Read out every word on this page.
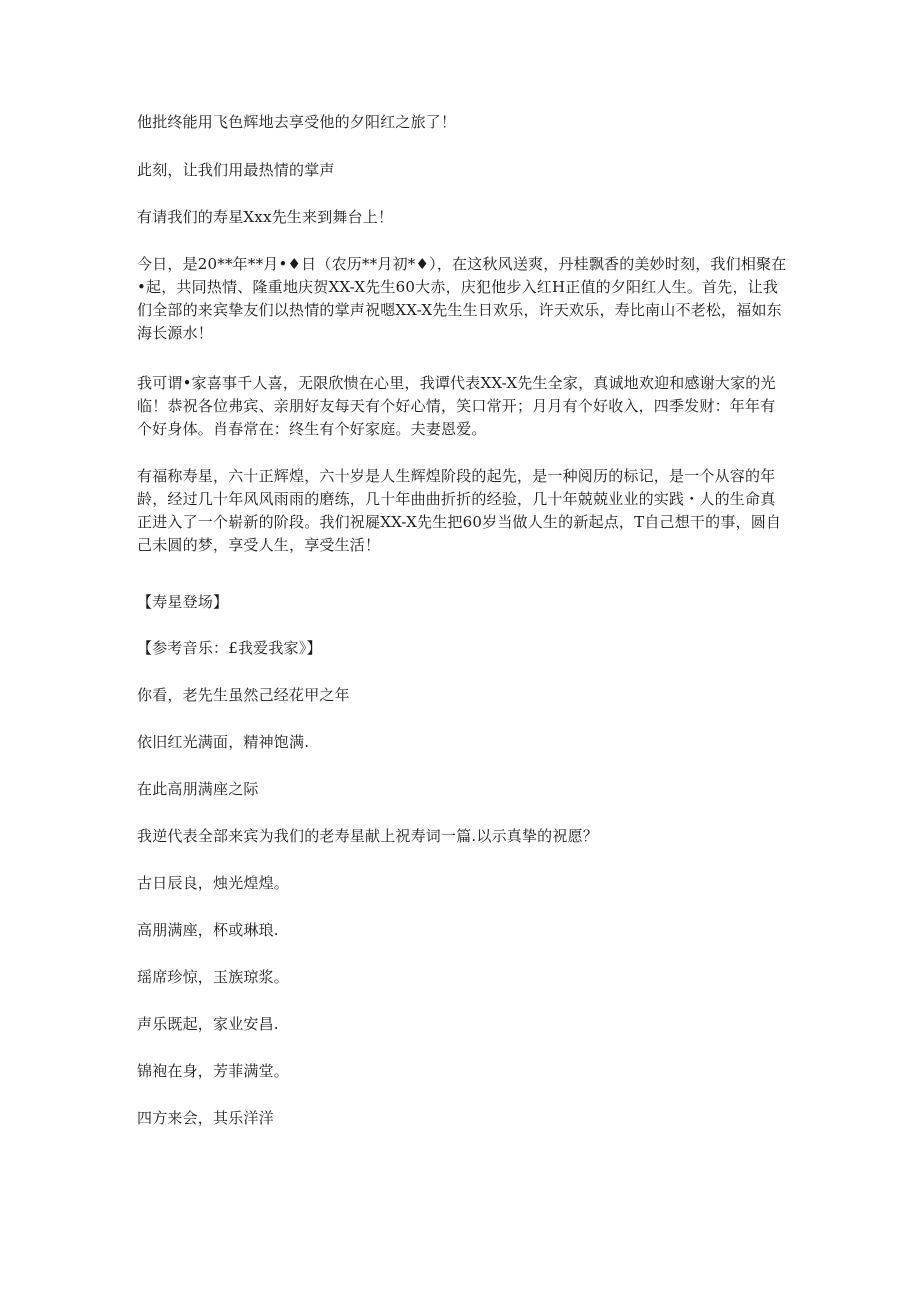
他批终能用飞色辉地去享受他的夕阳红之旅了！
此刻，让我们用最热情的掌声
有请我们的寿星Xxx先生来到舞台上！
今日，是20**年**月•♦日（农历**月初*♦），在这秋风送爽，丹桂飘香的美妙时刻，我们相聚在•起，共同热情、隆重地庆贺XX-X先生60大赤，庆犯他步入红H正值的夕阳红人生。首先，让我们全部的来宾挚友们以热情的掌声祝嗯XX-X先生生日欢乐，许天欢乐，寿比南山不老松，福如东海长源水！
我可谓•家喜事千人喜，无限欣愦在心里，我谭代表XX-X先生全家，真诚地欢迎和感谢大家的光临！恭祝各位弗宾、亲朋好友每天有个好心情，笑口常开；月月有个好收入，四季发财：年年有个好身体。肖春常在：终生有个好家庭。夫妻恩爱。
有福称寿星，六十正辉煌，六十岁是人生辉煌阶段的起先，是一种阅历的标记，是一个从容的年龄，经过几十年风风雨雨的磨练，几十年曲曲折折的经验，几十年兢兢业业的实践・人的生命真正进入了一个崭新的阶段。我们祝屣XX-X先生把60岁当做人生的新起点，T自己想干的事，圆自己未圆的梦，享受人生，享受生活！
【寿星登场】
【参考音乐：£我爱我家》】
你看，老先生虽然己经花甲之年
依旧红光满面，精神饱满.
在此高朋满座之际
我逆代表全部来宾为我们的老寿星献上祝寿词一篇.以示真挚的祝愿？
古日辰良，烛光煌煌。
高朋满座，杯或琳琅.
瑶席珍惊，玉族琼浆。
声乐既起，家业安昌.
锦袍在身，芳菲满堂。
四方来会，其乐洋洋
